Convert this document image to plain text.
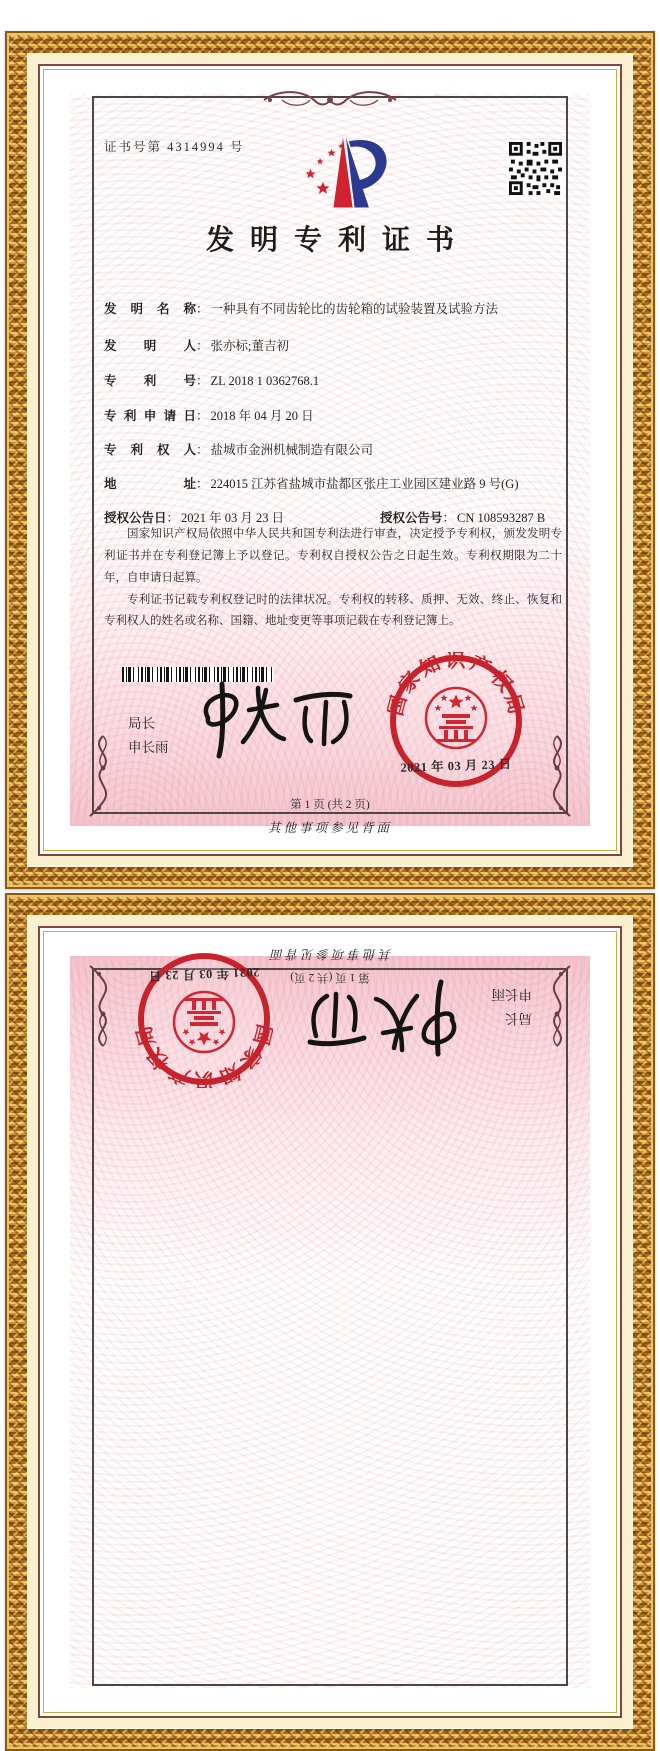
证书号第 4314994 号
发明专利证书
发明名称： 一种具有不同齿轮比的齿轮箱的试验装置及试验方法
发明人： 张亦标;董吉初
专利号： ZL 2018 1 0362768.1
专利申请日： 2018 年 04 月 20 日
专利权人： 盐城市金洲机械制造有限公司
地址： 224015 江苏省盐城市盐都区张庄工业园区建业路 9 号(G)
授权公告日： 2021 年 03 月 23 日	授权公告号： CN 108593287 B

国家知识产权局依照中华人民共和国专利法进行审查，决定授予专利权，颁发发明专利证书并在专利登记簿上予以登记。专利权自授权公告之日起生效。专利权期限为二十年，自申请日起算。

专利证书记载专利权登记时的法律状况。专利权的转移、质押、无效、终止、恢复和专利权人的姓名或名称、国籍、地址变更等事项记载在专利登记簿上。

局长
申长雨
国家知识产权局
2021 年 03 月 23 日
第 1 页 (共 2 页)
其他事项参见背面
局长
申长雨
国家知识产权局
2021 年 03 月 23 日	第 1 页 (共 2 页)
其他事项参见背面
